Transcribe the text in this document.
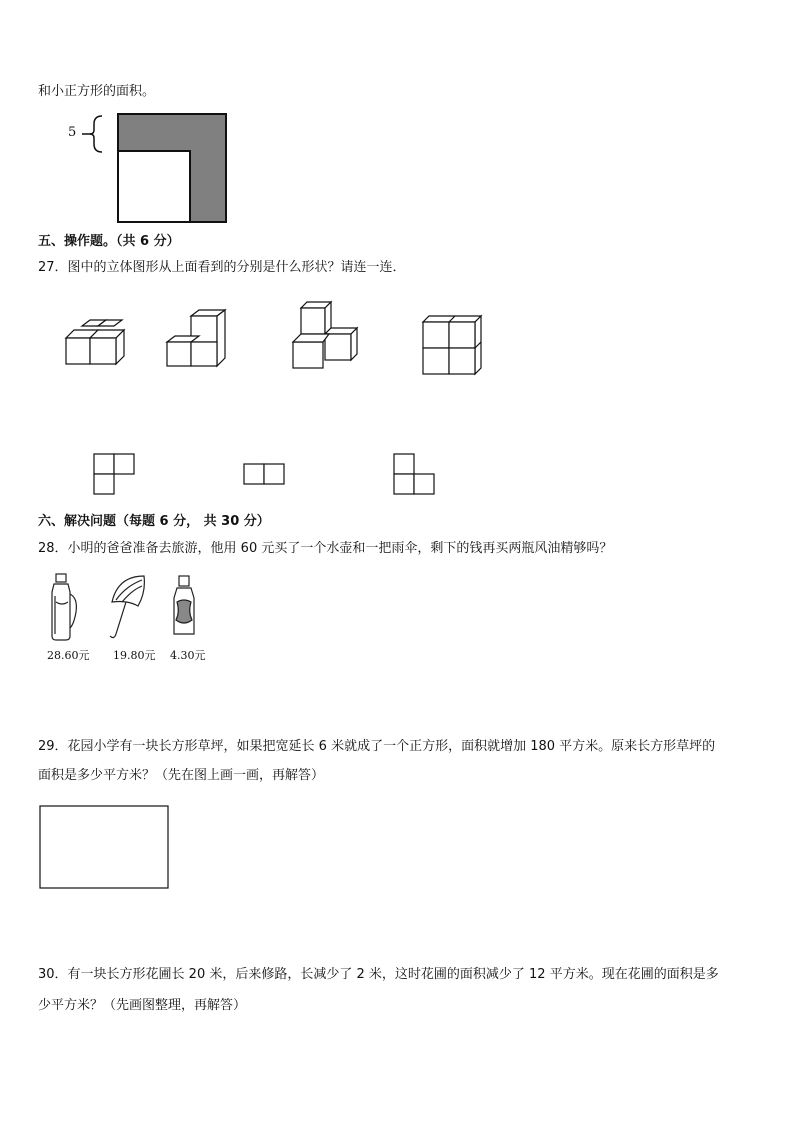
和小正方形的面积。
5
五、操作题。（共 6 分）
27．图中的立体图形从上面看到的分别是什么形状？请连一连．
六、解决问题（每题 6 分， 共 30 分）
28．小明的爸爸准备去旅游，他用 60 元买了一个水壶和一把雨伞，剩下的钱再买两瓶风油精够吗？
28.60元 19.80元 4.30元
29．花园小学有一块长方形草坪，如果把宽延长 6 米就成了一个正方形，面积就增加 180 平方米。原来长方形草坪的
面积是多少平方米？（先在图上画一画，再解答）
30．有一块长方形花圃长 20 米，后来修路，长减少了 2 米，这时花圃的面积减少了 12 平方米。现在花圃的面积是多
少平方米？（先画图整理，再解答）
